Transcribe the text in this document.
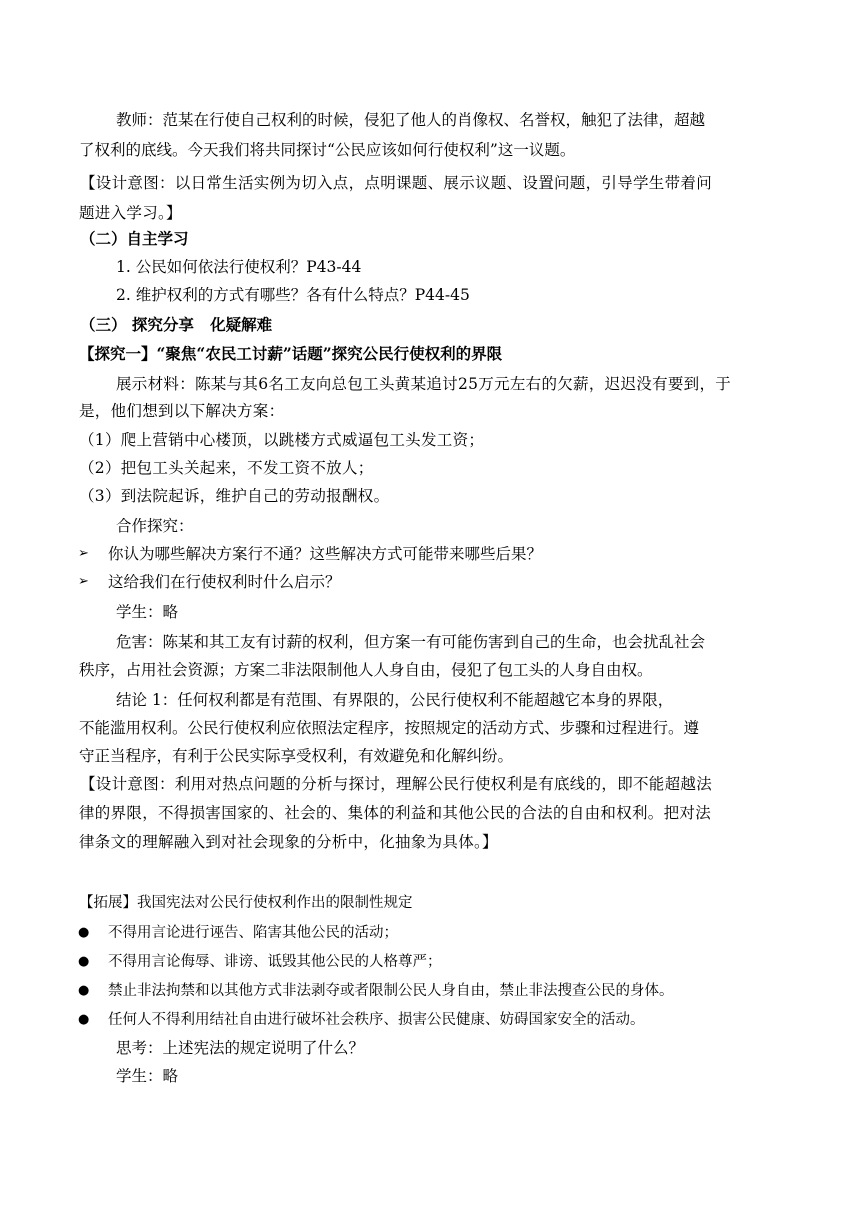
教师：范某在行使自己权利的时候，侵犯了他人的肖像权、名誉权，触犯了法律，超越
了权利的底线。今天我们将共同探讨“公民应该如何行使权利”这一议题。
【设计意图：以日常生活实例为切入点，点明课题、展示议题、设置问题，引导学生带着问
题进入学习。】
（二）自主学习
1. 公民如何依法行使权利？P43-44
2. 维护权利的方式有哪些？各有什么特点？P44-45
（三） 探究分享   化疑解难
【探究一】“聚焦“农民工讨薪”话题”探究公民行使权利的界限
展示材料：陈某与其6名工友向总包工头黄某追讨25万元左右的欠薪，迟迟没有要到，于
是，他们想到以下解决方案：
（1）爬上营销中心楼顶，以跳楼方式威逼包工头发工资；
（2）把包工头关起来，不发工资不放人；
（3）到法院起诉，维护自己的劳动报酬权。
合作探究：
➢ 你认为哪些解决方案行不通？这些解决方式可能带来哪些后果？
➢ 这给我们在行使权利时什么启示？
学生：略
危害：陈某和其工友有讨薪的权利，但方案一有可能伤害到自己的生命，也会扰乱社会
秩序，占用社会资源；方案二非法限制他人人身自由，侵犯了包工头的人身自由权。
结论 1：任何权利都是有范围、有界限的，公民行使权利不能超越它本身的界限，
不能滥用权利。公民行使权利应依照法定程序，按照规定的活动方式、步骤和过程进行。遵
守正当程序，有利于公民实际享受权利，有效避免和化解纠纷。
【设计意图：利用对热点问题的分析与探讨，理解公民行使权利是有底线的，即不能超越法
律的界限，不得损害国家的、社会的、集体的利益和其他公民的合法的自由和权利。把对法
律条文的理解融入到对社会现象的分析中，化抽象为具体。】
【拓展】我国宪法对公民行使权利作出的限制性规定
● 不得用言论进行诬告、陷害其他公民的活动；
● 不得用言论侮辱、诽谤、诋毁其他公民的人格尊严；
● 禁止非法拘禁和以其他方式非法剥夺或者限制公民人身自由，禁止非法搜查公民的身体。
● 任何人不得利用结社自由进行破坏社会秩序、损害公民健康、妨碍国家安全的活动。
思考：上述宪法的规定说明了什么？
学生：略
